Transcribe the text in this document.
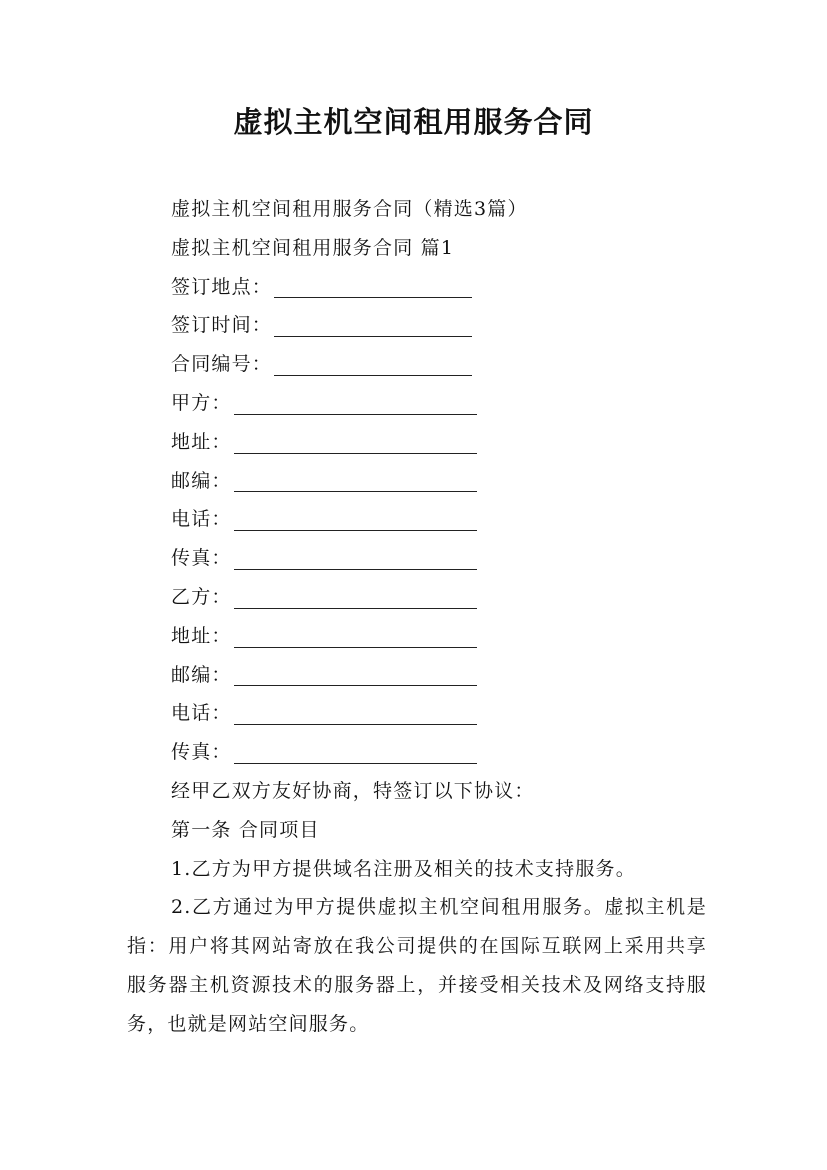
虚拟主机空间租用服务合同
虚拟主机空间租用服务合同（精选3篇）
虚拟主机空间租用服务合同 篇1
签订地点：
签订时间：
合同编号：
甲方：
地址：
邮编：
电话：
传真：
乙方：
地址：
邮编：
电话：
传真：
经甲乙双方友好协商，特签订以下协议：
第一条 合同项目
1.乙方为甲方提供域名注册及相关的技术支持服务。
2.乙方通过为甲方提供虚拟主机空间租用服务。虚拟主机是指：用户将其网站寄放在我公司提供的在国际互联网上采用共享服务器主机资源技术的服务器上，并接受相关技术及网络支持服务，也就是网站空间服务。
